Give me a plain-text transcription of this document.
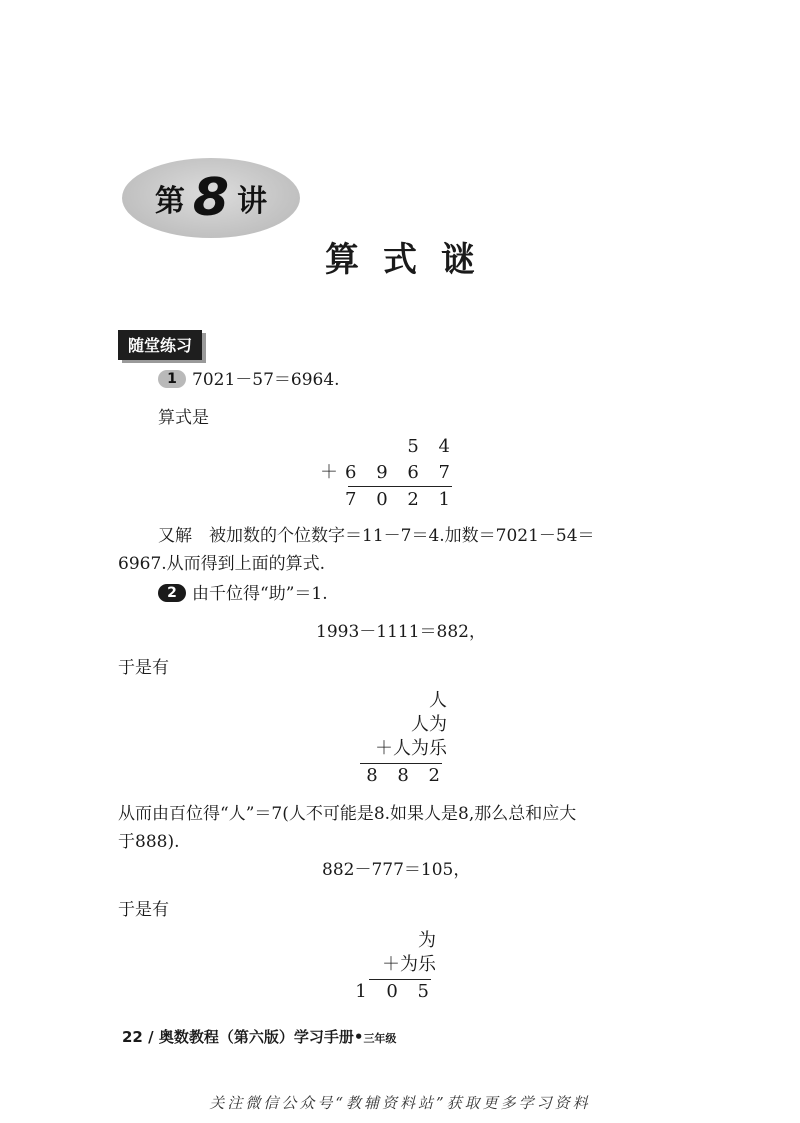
第 8 讲
算式谜
随堂练习
1 7021－57＝6964.
算式是
5 4
＋6 9 6 7
7 0 2 1
又解　被加数的个位数字＝11－7＝4.加数＝7021－54＝
6967.从而得到上面的算式.
2 由千位得“助”＝1.
1993－1111＝882，
于是有
人
人为
＋人为乐
8 8 2
从而由百位得“人”＝7(人不可能是8.如果人是8,那么总和应大
于888).
882－777＝105，
于是有
为
＋为乐
1 0 5
22 / 奥数教程（第六版）学习手册•三年级
关注微信公众号“教辅资料站”获取更多学习资料
